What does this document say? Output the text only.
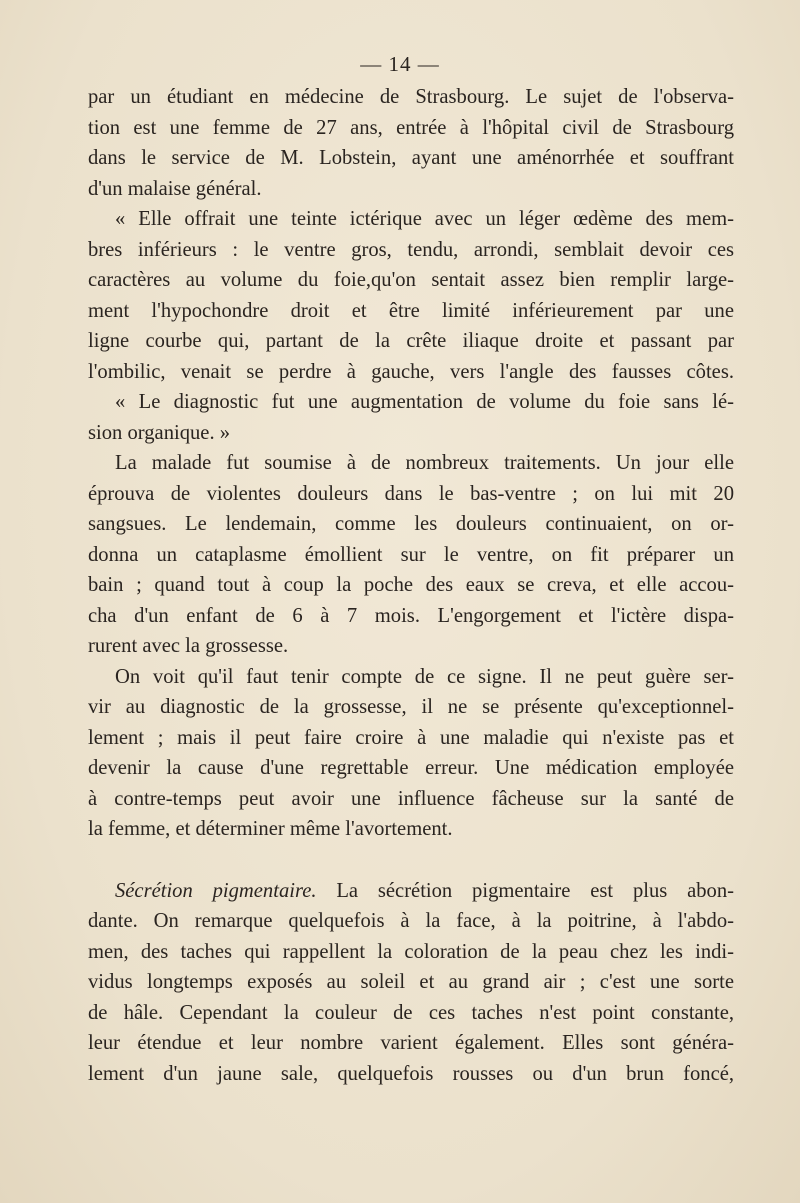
— 14 —

par un étudiant en médecine de Strasbourg. Le sujet de l'observa-

tion est une femme de 27 ans, entrée à l'hôpital civil de Strasbourg

dans le service de M. Lobstein, ayant une aménorrhée et souffrant

d'un malaise général.

« Elle offrait une teinte ictérique avec un léger œdème des mem-

bres inférieurs : le ventre gros, tendu, arrondi, semblait devoir ces

caractères au volume du foie,qu'on sentait assez bien remplir large-

ment l'hypochondre droit et être limité inférieurement par une

ligne courbe qui, partant de la crête iliaque droite et passant par

l'ombilic, venait se perdre à gauche, vers l'angle des fausses côtes.

« Le diagnostic fut une augmentation de volume du foie sans lé-

sion organique. »

La malade fut soumise à de nombreux traitements. Un jour elle

éprouva de violentes douleurs dans le bas-ventre ; on lui mit 20

sangsues. Le lendemain, comme les douleurs continuaient, on or-

donna un cataplasme émollient sur le ventre, on fit préparer un

bain ; quand tout à coup la poche des eaux se creva, et elle accou-

cha d'un enfant de 6 à 7 mois. L'engorgement et l'ictère dispa-

rurent avec la grossesse.

On voit qu'il faut tenir compte de ce signe. Il ne peut guère ser-

vir au diagnostic de la grossesse, il ne se présente qu'exceptionnel-

lement ; mais il peut faire croire à une maladie qui n'existe pas et

devenir la cause d'une regrettable erreur. Une médication employée

à contre-temps peut avoir une influence fâcheuse sur la santé de

la femme, et déterminer même l'avortement.

Sécrétion pigmentaire. La sécrétion pigmentaire est plus abon-

dante. On remarque quelquefois à la face, à la poitrine, à l'abdo-

men, des taches qui rappellent la coloration de la peau chez les indi-

vidus longtemps exposés au soleil et au grand air ; c'est une sorte

de hâle. Cependant la couleur de ces taches n'est point constante,

leur étendue et leur nombre varient également. Elles sont généra-

lement d'un jaune sale, quelquefois rousses ou d'un brun foncé,
